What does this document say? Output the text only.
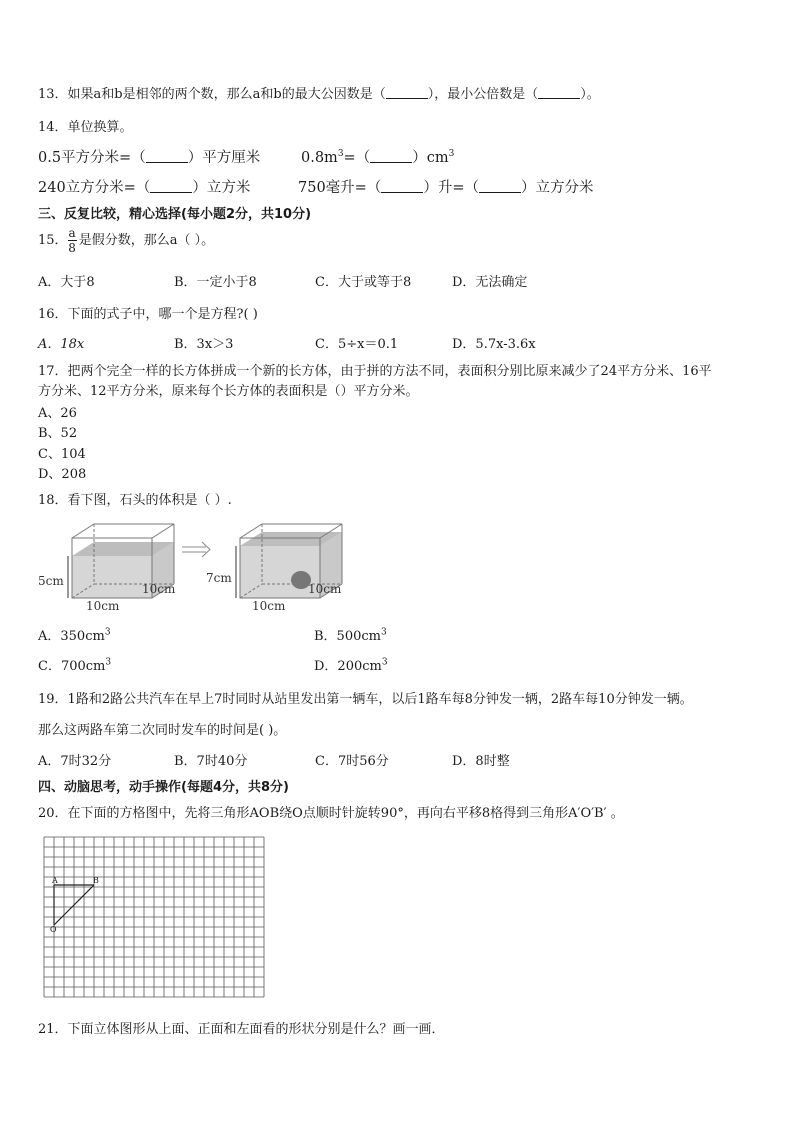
13．如果a和b是相邻的两个数，那么a和b的最大公因数是（	），最小公倍数是（	）。
14．单位换算。
0.5平方分米=（	）平方厘米	$0.8m^3=$（	）$cm^3$
240立方分米=（	）立方米	750毫升=（	）升=（	）立方分米
三、反复比较，精心选择(每小题2分，共10分)
15． $\frac{a}{8}$ 是假分数，那么a（ ）。
A．大于8	B．一定小于8	C．大于或等于8	D．无法确定
16．下面的式子中，哪一个是方程?( )
A．18x	B．3x＞3	C．5÷x＝0.1	D．5.7x-3.6x
17．把两个完全一样的长方体拼成一个新的长方体，由于拼的方法不同，表面积分别比原来减少了24平方分米、16平
方分米、12平方分米，原来每个长方体的表面积是（）平方分米。
A、26
B、52
C、104
D、208
18．看下图，石头的体积是（ ）.
5cm
10cm
10cm
7cm
10cm
10cm
A．$350cm^3$	B．$500cm^3$
C．$700cm^3$	D．$200cm^3$
19．1路和2路公共汽车在早上7时同时从站里发出第一辆车，以后1路车每8分钟发一辆，2路车每10分钟发一辆。
那么这两路车第二次同时发车的时间是( )。
A．7时32分	B．7时40分	C．7时56分	D．8时整
四、动脑思考，动手操作(每题4分，共8分)
20．在下面的方格图中，先将三角形AOB绕O点顺时针旋转90°，再向右平移8格得到三角形A′O′B′ 。
A	B
O
21．下面立体图形从上面、正面和左面看的形状分别是什么？画一画．
